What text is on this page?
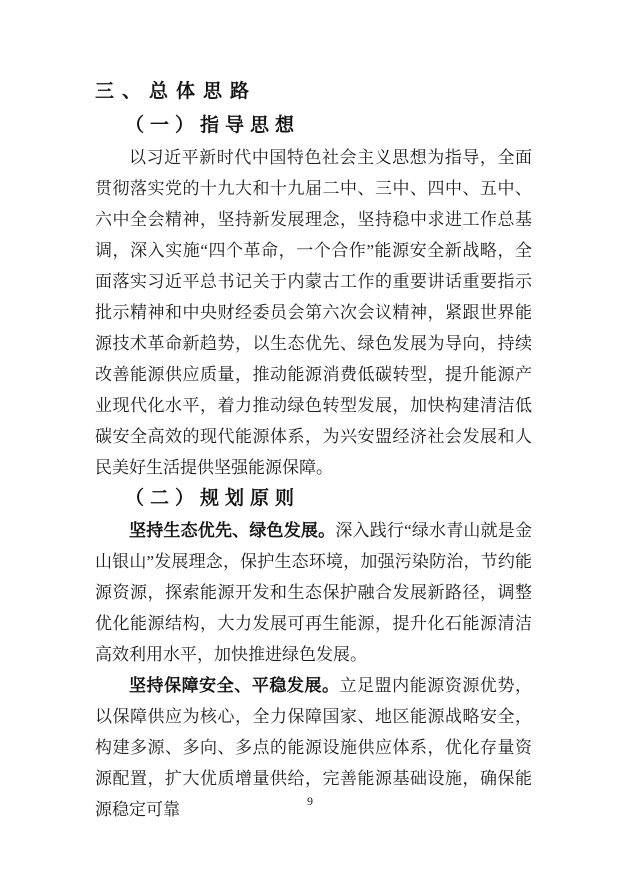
三、总体思路
（一）指导思想

以习近平新时代中国特色社会主义思想为指导，全面贯彻落实党的十九大和十九届二中、三中、四中、五中、六中全会精神，坚持新发展理念，坚持稳中求进工作总基调，深入实施“四个革命，一个合作”能源安全新战略，全面落实习近平总书记关于内蒙古工作的重要讲话重要指示批示精神和中央财经委员会第六次会议精神，紧跟世界能源技术革命新趋势，以生态优先、绿色发展为导向，持续改善能源供应质量，推动能源消费低碳转型，提升能源产业现代化水平，着力推动绿色转型发展，加快构建清洁低碳安全高效的现代能源体系，为兴安盟经济社会发展和人民美好生活提供坚强能源保障。

（二）规划原则

坚持生态优先、绿色发展。深入践行“绿水青山就是金山银山”发展理念，保护生态环境，加强污染防治，节约能源资源，探索能源开发和生态保护融合发展新路径，调整优化能源结构，大力发展可再生能源，提升化石能源清洁高效利用水平，加快推进绿色发展。

坚持保障安全、平稳发展。立足盟内能源资源优势，以保障供应为核心，全力保障国家、地区能源战略安全，构建多源、多向、多点的能源设施供应体系，优化存量资源配置，扩大优质增量供给，完善能源基础设施，确保能源稳定可靠	9
